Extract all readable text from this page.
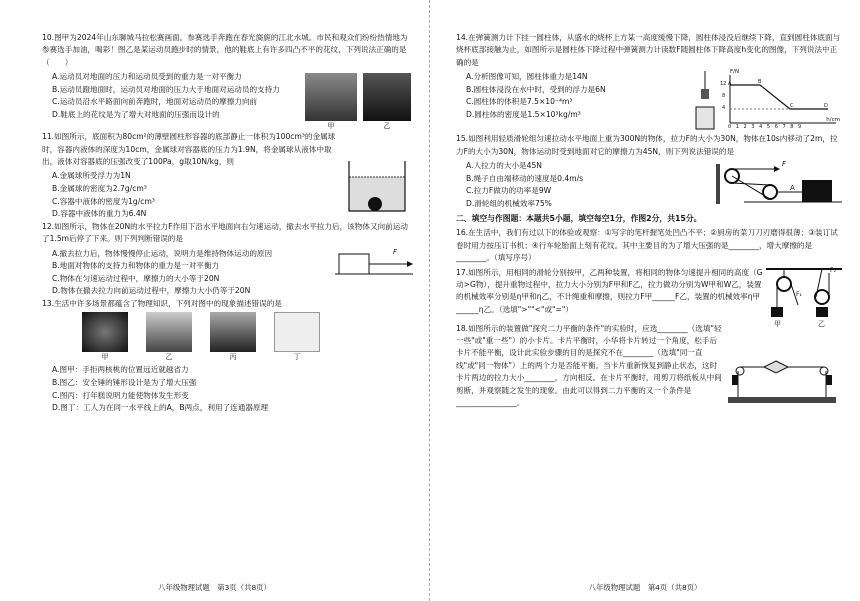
10.图甲为2024年山东聊城马拉松赛画面。参赛选手奔跑在春光旖旎的江北水城。市民和观众们纷纷热情地为参赛选手加油，喝彩！图乙是某运动员跑步时的情景，他的鞋底上有许多四凸不平的花纹，下列说法正确的是（　　）
A.运动员对地面的压力和运动员受到的重力是一对平衡力
B.运动员蹬地面时，运动员对地面的压力大于地面对运动员的支持力
C.运动员沿水平路面向前奔跑时，地面对运动员的摩擦力向前
D.鞋底上的花纹是为了增大对地面的压强而设计的
甲	乙
11.如图所示，底面积为80cm²的薄壁圆柱形容器的底部静止一体积为100cm³的金属球时，容器内液体的深度为10cm，金属球对容器底的压力为1.9N，将金属球从液体中取出，液体对容器底的压强改变了100Pa，g取10N/kg，则
A.金属球所受浮力为1N
B.金属球的密度为2.7g/cm³
C.容器中液体的密度为1g/cm³
D.容器中液体的重力为6.4N
12.如图所示，物体在20N的水平拉力F作用下沿水平地面向右匀速运动，撤去水平拉力后，该物体又向前运动了1.5m后停了下来。则下列判断错误的是
A.撤去拉力后，物体慢慢停止运动，说明力是维持物体运动的原因
B.地面对物体的支持力和物体的重力是一对平衡力
C.物体在匀速运动过程中，摩擦力的大小等于20N
D.物体在撤去拉力向前运动过程中，摩擦力大小仍等于20N
F
13.生活中许多场景都蕴含了物理知识，下列对图中的现象描述错误的是
甲	乙	丙	丁
A.图甲：手拒两核桃的位置远近就越省力
B.图乙：安全锤的锤形设计是为了增大压强
C.图丙：打年糕说明力能使物体发生形变
D.图丁：工人为在同一水平线上的A，B两点，利用了连通器原理
八年级物理试题　第3页（共8页）
14.在弹簧测力计下挂一圆柱体，从盛水的烧杯上方某一高度缓慢下降，圆柱体浸没后继续下降，直到圆柱体底面与烧杯底部接触为止，如图所示是圆柱体下降过程中弹簧测力计读数F随圆柱体下降高度h变化的图像，下列说法中正确的是
A.分析图像可知，圆柱体重力是14N
B.圆柱体浸没在水中时，受到的浮力是6N
C.圆柱体的体积是7.5×10⁻⁴m³
D.圆柱体的密度是1.5×10³kg/m³
F/N
h/cm
12
8
4
A	B
C	D
0 1 2 3 4 5 6 7 8 9
15.如图利用轻质滑轮组匀速拉动水平地面上重为300N的物体，拉力F的大小为30N，物体在10s内移动了2m，拉力F的大小为30N，物体运动时受到地面对它的摩擦力为45N，则下列说法错误的是
A.人拉力的大小是45N
B.绳子自由端移动的速度是0.4m/s
C.拉力F做功的功率是9W
D.滑轮组的机械效率75%
F
A
二、填空与作图题：本题共5小题，填空每空1分，作图2分，共15分。
16.在生活中，我们有过以下的体验或观察：①写字的笔杆握笔处凹凸不平；②厨房的菜刀刀刃磨得很薄；③装订试卷时用力按压订书机；④行车轮胎面上刻有花纹。其中主要目的为了增大压强的是________，增大摩擦的是________。（填写序号）
17.如图所示，用相同的滑轮分别按甲，乙两种装置，将相同的物体匀速提升相同的高度（G动>G物），提升重物过程中，拉力大小分别为F甲和F乙，拉力做功分别为W甲和W乙，装置的机械效率分别是η甲和η乙，不计绳重和摩擦，则拉力F甲______F乙，装置的机械效率η甲______η乙。（选填">""<"或"="）
甲	乙
F₁
F₂
18.如图所示的装置做"探究二力平衡的条件"的实验时，应选________（选填"轻一些"或"重一些"）的小卡片。卡片平衡时，小华将卡片转过一个角度，松手后卡片不能平衡，设计此实验步骤的目的是探究不在________（选填"同一直线"或"同一物体"）上的两个力是否能平衡。当卡片重新恢复到静止状态，这时卡片两边的拉力大小________，方向相反。在卡片平衡时，用剪刀将纸板从中间剪断，并观察随之发生的现象。由此可以得到二力平衡的又一个条件是________________。
八年级物理试题　第4页（共8页）
